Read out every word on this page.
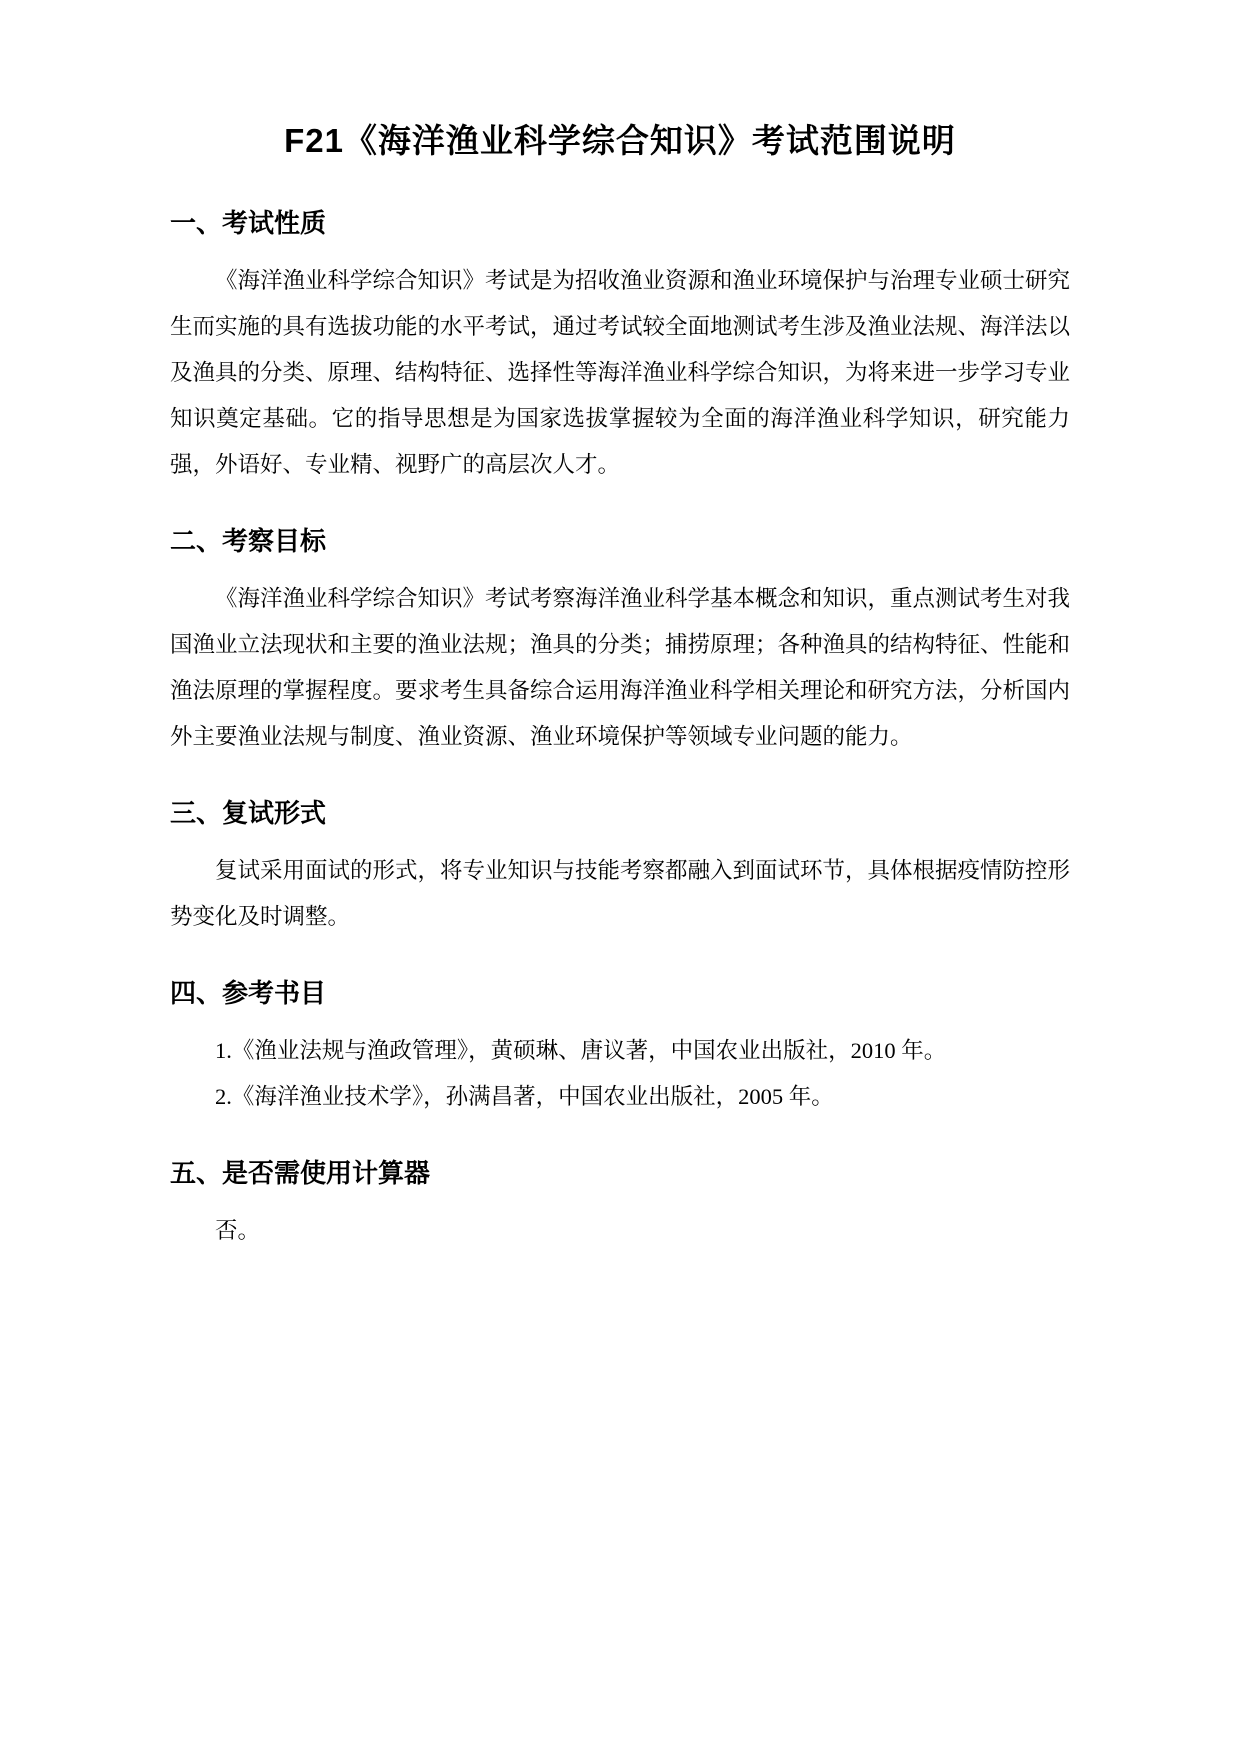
F21《海洋渔业科学综合知识》考试范围说明
一、考试性质

《海洋渔业科学综合知识》考试是为招收渔业资源和渔业环境保护与治理专业硕士研究生而实施的具有选拔功能的水平考试，通过考试较全面地测试考生涉及渔业法规、海洋法以及渔具的分类、原理、结构特征、选择性等海洋渔业科学综合知识，为将来进一步学习专业知识奠定基础。它的指导思想是为国家选拔掌握较为全面的海洋渔业科学知识，研究能力强，外语好、专业精、视野广的高层次人才。

二、考察目标

《海洋渔业科学综合知识》考试考察海洋渔业科学基本概念和知识，重点测试考生对我国渔业立法现状和主要的渔业法规；渔具的分类；捕捞原理；各种渔具的结构特征、性能和渔法原理的掌握程度。要求考生具备综合运用海洋渔业科学相关理论和研究方法，分析国内外主要渔业法规与制度、渔业资源、渔业环境保护等领域专业问题的能力。

三、复试形式

复试采用面试的形式，将专业知识与技能考察都融入到面试环节，具体根据疫情防控形势变化及时调整。

四、参考书目

1.《渔业法规与渔政管理》，黄硕琳、唐议著，中国农业出版社，2010 年。

2.《海洋渔业技术学》，孙满昌著，中国农业出版社，2005 年。

五、是否需使用计算器

否。
